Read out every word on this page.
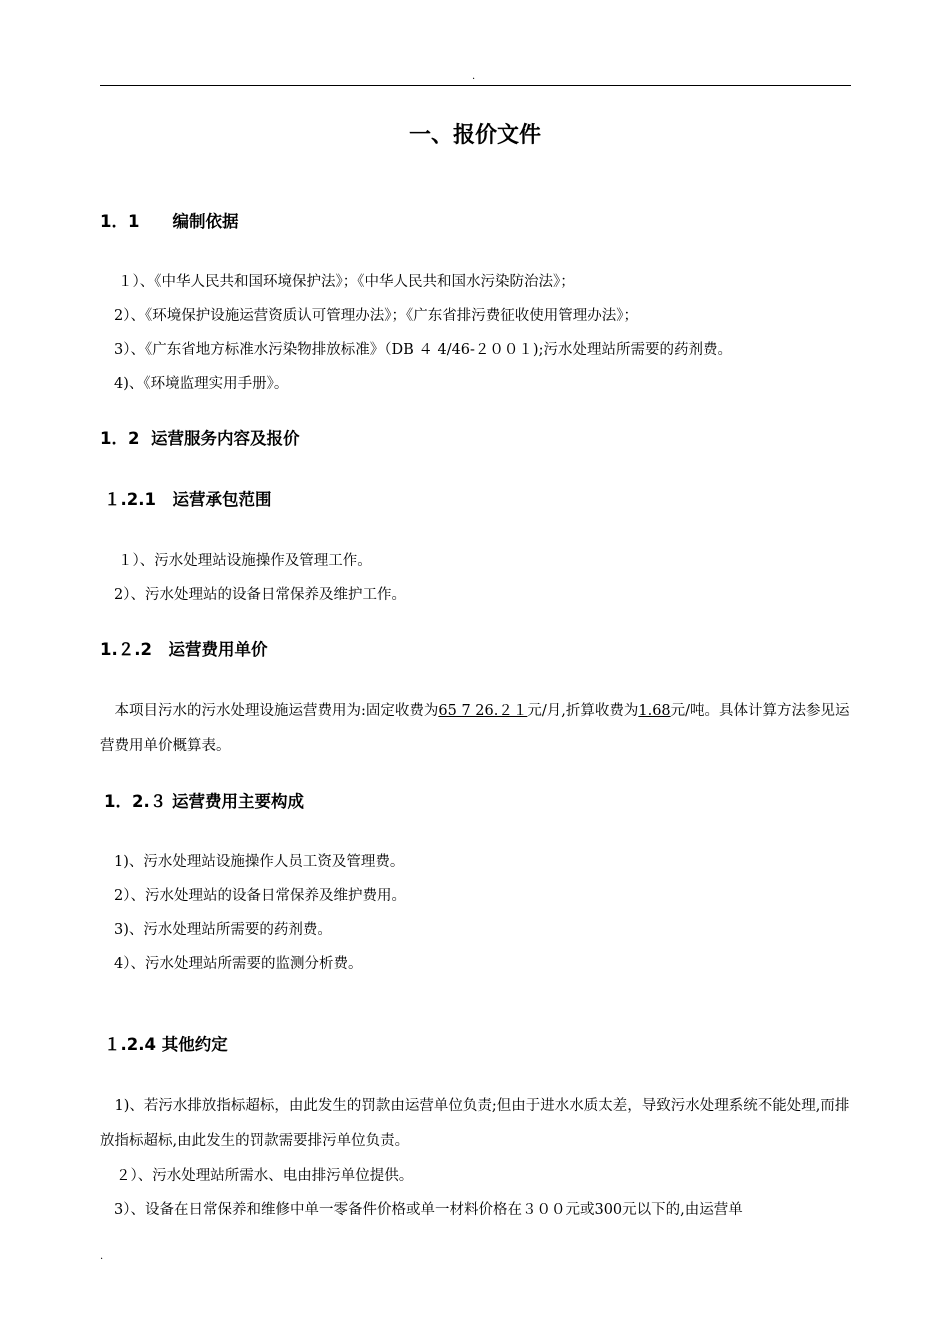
.
一、报价文件
1．1　　编制依据
１）、《中华人民共和国环境保护法》；《中华人民共和国水污染防治法》；
2）、《环境保护设施运营资质认可管理办法》；《广东省排污费征收使用管理办法》；
3）、《广东省地方标准水污染物排放标准》（DB ４ 4/46-２００１);污水处理站所需要的药剂费。
4)、《环境监理实用手册》。
1．2  运营服务内容及报价
１.2.1　运营承包范围
１）、污水处理站设施操作及管理工作。
2）、污水处理站的设备日常保养及维护工作。
1.２.2　运营费用单价
　本项目污水的污水处理设施运营费用为:固定收费为65 7 26.２１元/月,折算收费为1.68元/吨。具体计算方法参见运营费用单价概算表。
1．2.３ 运营费用主要构成
1)、污水处理站设施操作人员工资及管理费。
2）、污水处理站的设备日常保养及维护费用。
3)、污水处理站所需要的药剂费。
4）、污水处理站所需要的监测分析费。
１.2.4 其他约定
　1)、若污水排放指标超标，由此发生的罚款由运营单位负责;但由于进水水质太差，导致污水处理系统不能处理,而排放指标超标,由此发生的罚款需要排污单位负责。
２）、污水处理站所需水、电由排污单位提供。
3）、设备在日常保养和维修中单一零备件价格或单一材料价格在３００元或300元以下的,由运营单
.
